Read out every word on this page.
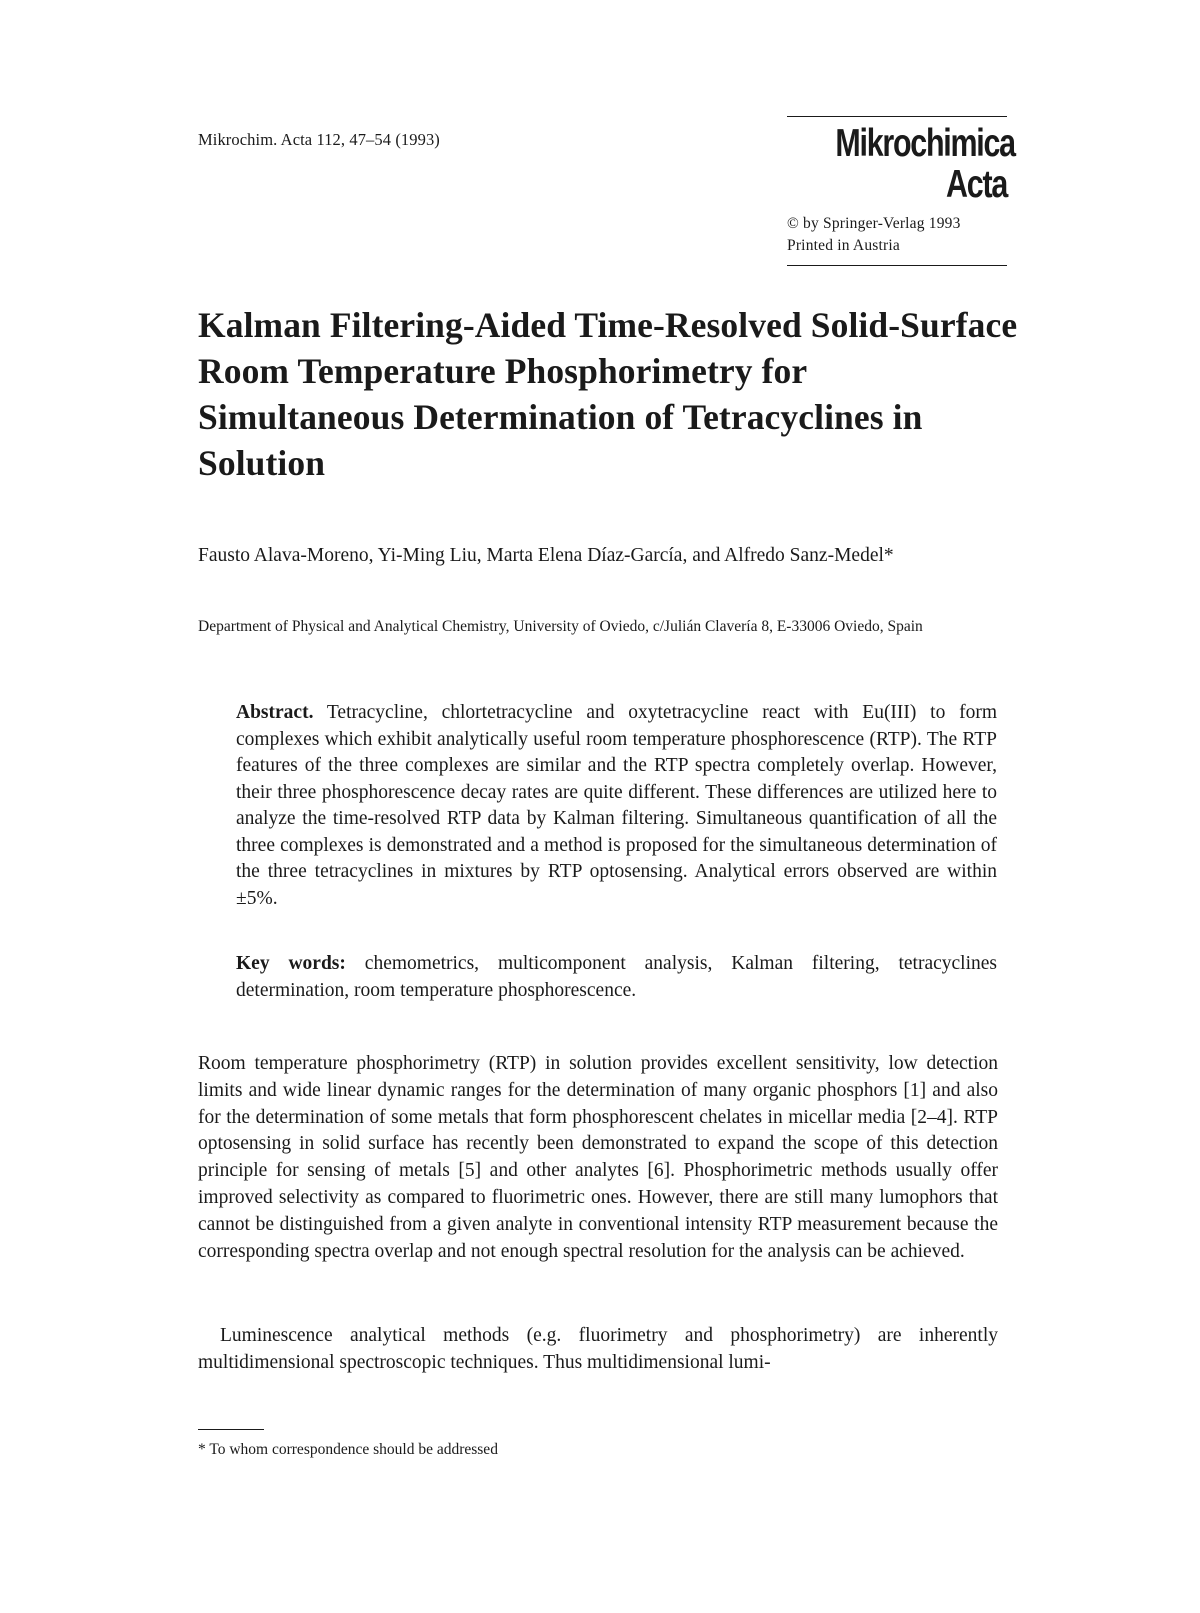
Mikrochim. Acta 112, 47–54 (1993)	Mikrochimica
Acta
© by Springer-Verlag 1993
Printed in Austria
Kalman Filtering-Aided Time-Resolved Solid-Surface Room Temperature Phosphorimetry for Simultaneous Determination of Tetracyclines in Solution

Fausto Alava-Moreno, Yi-Ming Liu, Marta Elena Díaz-García, and Alfredo Sanz-Medel*

Department of Physical and Analytical Chemistry, University of Oviedo, c/Julián Clavería 8, E-33006 Oviedo, Spain

Abstract. Tetracycline, chlortetracycline and oxytetracycline react with Eu(III) to form complexes which exhibit analytically useful room temperature phosphorescence (RTP). The RTP features of the three complexes are similar and the RTP spectra completely overlap. However, their three phosphorescence decay rates are quite different. These differences are utilized here to analyze the time-resolved RTP data by Kalman filtering. Simultaneous quantification of all the three complexes is demonstrated and a method is proposed for the simultaneous determination of the three tetracyclines in mixtures by RTP optosensing. Analytical errors observed are within ±5%.

Key words: chemometrics, multicomponent analysis, Kalman filtering, tetracyclines determination, room temperature phosphorescence.

Room temperature phosphorimetry (RTP) in solution provides excellent sensitivity, low detection limits and wide linear dynamic ranges for the determination of many organic phosphors [1] and also for the determination of some metals that form phosphorescent chelates in micellar media [2–4]. RTP optosensing in solid surface has recently been demonstrated to expand the scope of this detection principle for sensing of metals [5] and other analytes [6]. Phosphorimetric methods usually offer improved selectivity as compared to fluorimetric ones. However, there are still many lumophors that cannot be distinguished from a given analyte in conventional intensity RTP measurement because the corresponding spectra overlap and not enough spectral resolution for the analysis can be achieved.

Luminescence analytical methods (e.g. fluorimetry and phosphorimetry) are inherently multidimensional spectroscopic techniques. Thus multidimensional lumi-

* To whom correspondence should be addressed
